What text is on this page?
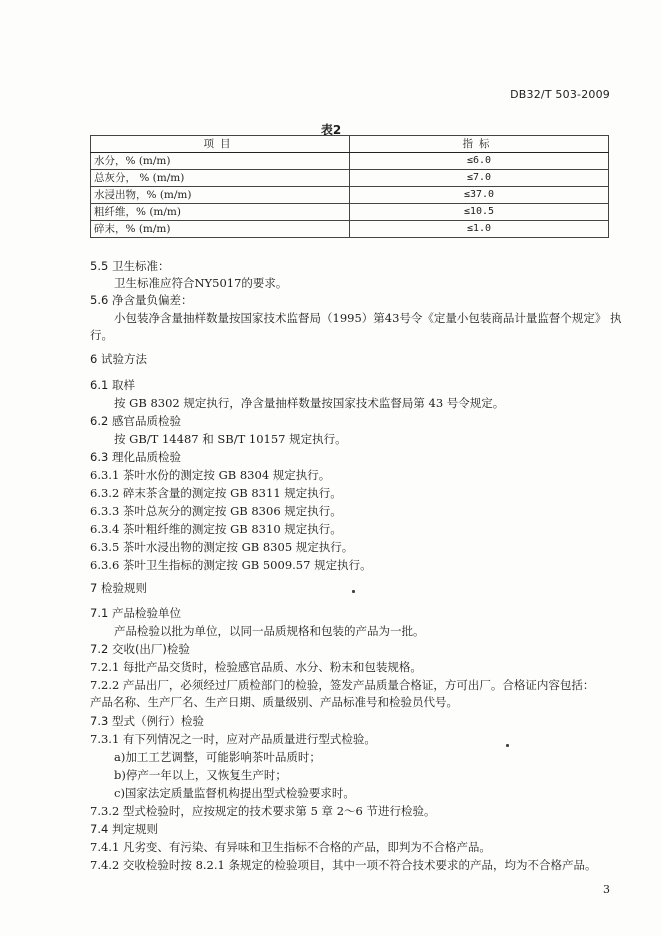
DB32/T 503-2009
表2
项目	指标
水分，% (m/m)	≤6.0
总灰分， % (m/m)	≤7.0
水浸出物，% (m/m)	≤37.0
粗纤维，% (m/m)	≤10.5
碎末，% (m/m)	≤1.0
5.5 卫生标准：
卫生标准应符合NY5017的要求。
5.6 净含量负偏差：
小包装净含量抽样数量按国家技术监督局（1995）第43号令《定量小包装商品计量监督个规定》 执
行。
6 试验方法
6.1 取样
按 GB 8302 规定执行，净含量抽样数量按国家技术监督局第 43 号令规定。
6.2 感官品质检验
按 GB/T 14487 和 SB/T 10157 规定执行。
6.3 理化品质检验
6.3.1 茶叶水份的测定按 GB 8304 规定执行。
6.3.2 碎末茶含量的测定按 GB 8311 规定执行。
6.3.3 茶叶总灰分的测定按 GB 8306 规定执行。
6.3.4 茶叶粗纤维的测定按 GB 8310 规定执行。
6.3.5 茶叶水浸出物的测定按 GB 8305 规定执行。
6.3.6 茶叶卫生指标的测定按 GB 5009.57 规定执行。
7 检验规则
7.1 产品检验单位
产品检验以批为单位，以同一品质规格和包装的产品为一批。
7.2 交收(出厂)检验
7.2.1 每批产品交货时，检验感官品质、水分、粉末和包装规格。
7.2.2 产品出厂，必须经过厂质检部门的检验，签发产品质量合格证，方可出厂。合格证内容包括：
产品名称、生产厂名、生产日期、质量级别、产品标准号和检验员代号。
7.3 型式（例行）检验
7.3.1 有下列情况之一时，应对产品质量进行型式检验。
a)加工工艺调整，可能影响茶叶品质时；
b)停产一年以上，又恢复生产时；
c)国家法定质量监督机构提出型式检验要求时。
7.3.2 型式检验时，应按规定的技术要求第 5 章 2～6 节进行检验。
7.4 判定规则
7.4.1 凡劣变、有污染、有异味和卫生指标不合格的产品，即判为不合格产品。
7.4.2 交收检验时按 8.2.1 条规定的检验项目，其中一项不符合技术要求的产品，均为不合格产品。
3
